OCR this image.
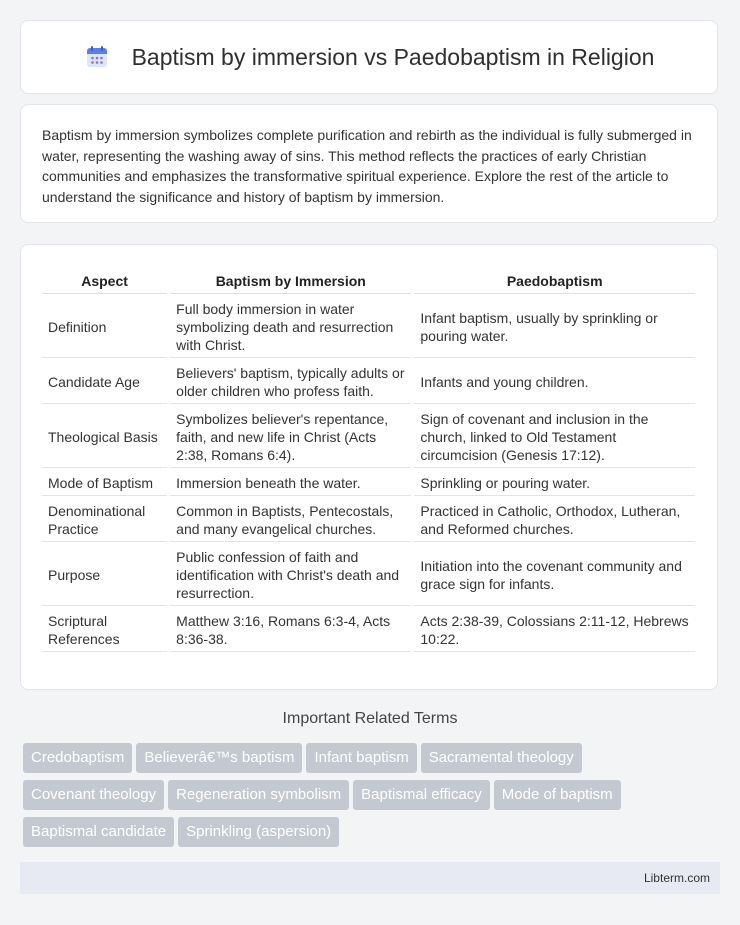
Baptism by immersion vs Paedobaptism in Religion

Baptism by immersion symbolizes complete purification and rebirth as the individual is fully submerged in water, representing the washing away of sins. This method reflects the practices of early Christian communities and emphasizes the transformative spiritual experience. Explore the rest of the article to understand the significance and history of baptism by immersion.

Aspect	Baptism by Immersion	Paedobaptism
Definition	Full body immersion in water symbolizing death and resurrection with Christ.	Infant baptism, usually by sprinkling or pouring water.
Candidate Age	Believers' baptism, typically adults or older children who profess faith.	Infants and young children.
Theological Basis	Symbolizes believer's repentance, faith, and new life in Christ (Acts 2:38, Romans 6:4).	Sign of covenant and inclusion in the church, linked to Old Testament circumcision (Genesis 17:12).
Mode of Baptism	Immersion beneath the water.	Sprinkling or pouring water.
Denominational Practice	Common in Baptists, Pentecostals, and many evangelical churches.	Practiced in Catholic, Orthodox, Lutheran, and Reformed churches.
Purpose	Public confession of faith and identification with Christ's death and resurrection.	Initiation into the covenant community and grace sign for infants.
Scriptural References	Matthew 3:16, Romans 6:3-4, Acts 8:36-38.	Acts 2:38-39, Colossians 2:11-12, Hebrews 10:22.
Important Related Terms
Credobaptism Believerâ€™s baptism Infant baptism Sacramental theology
Covenant theology Regeneration symbolism Baptismal efficacy Mode of baptism
Baptismal candidate Sprinkling (aspersion)
Libterm.com
